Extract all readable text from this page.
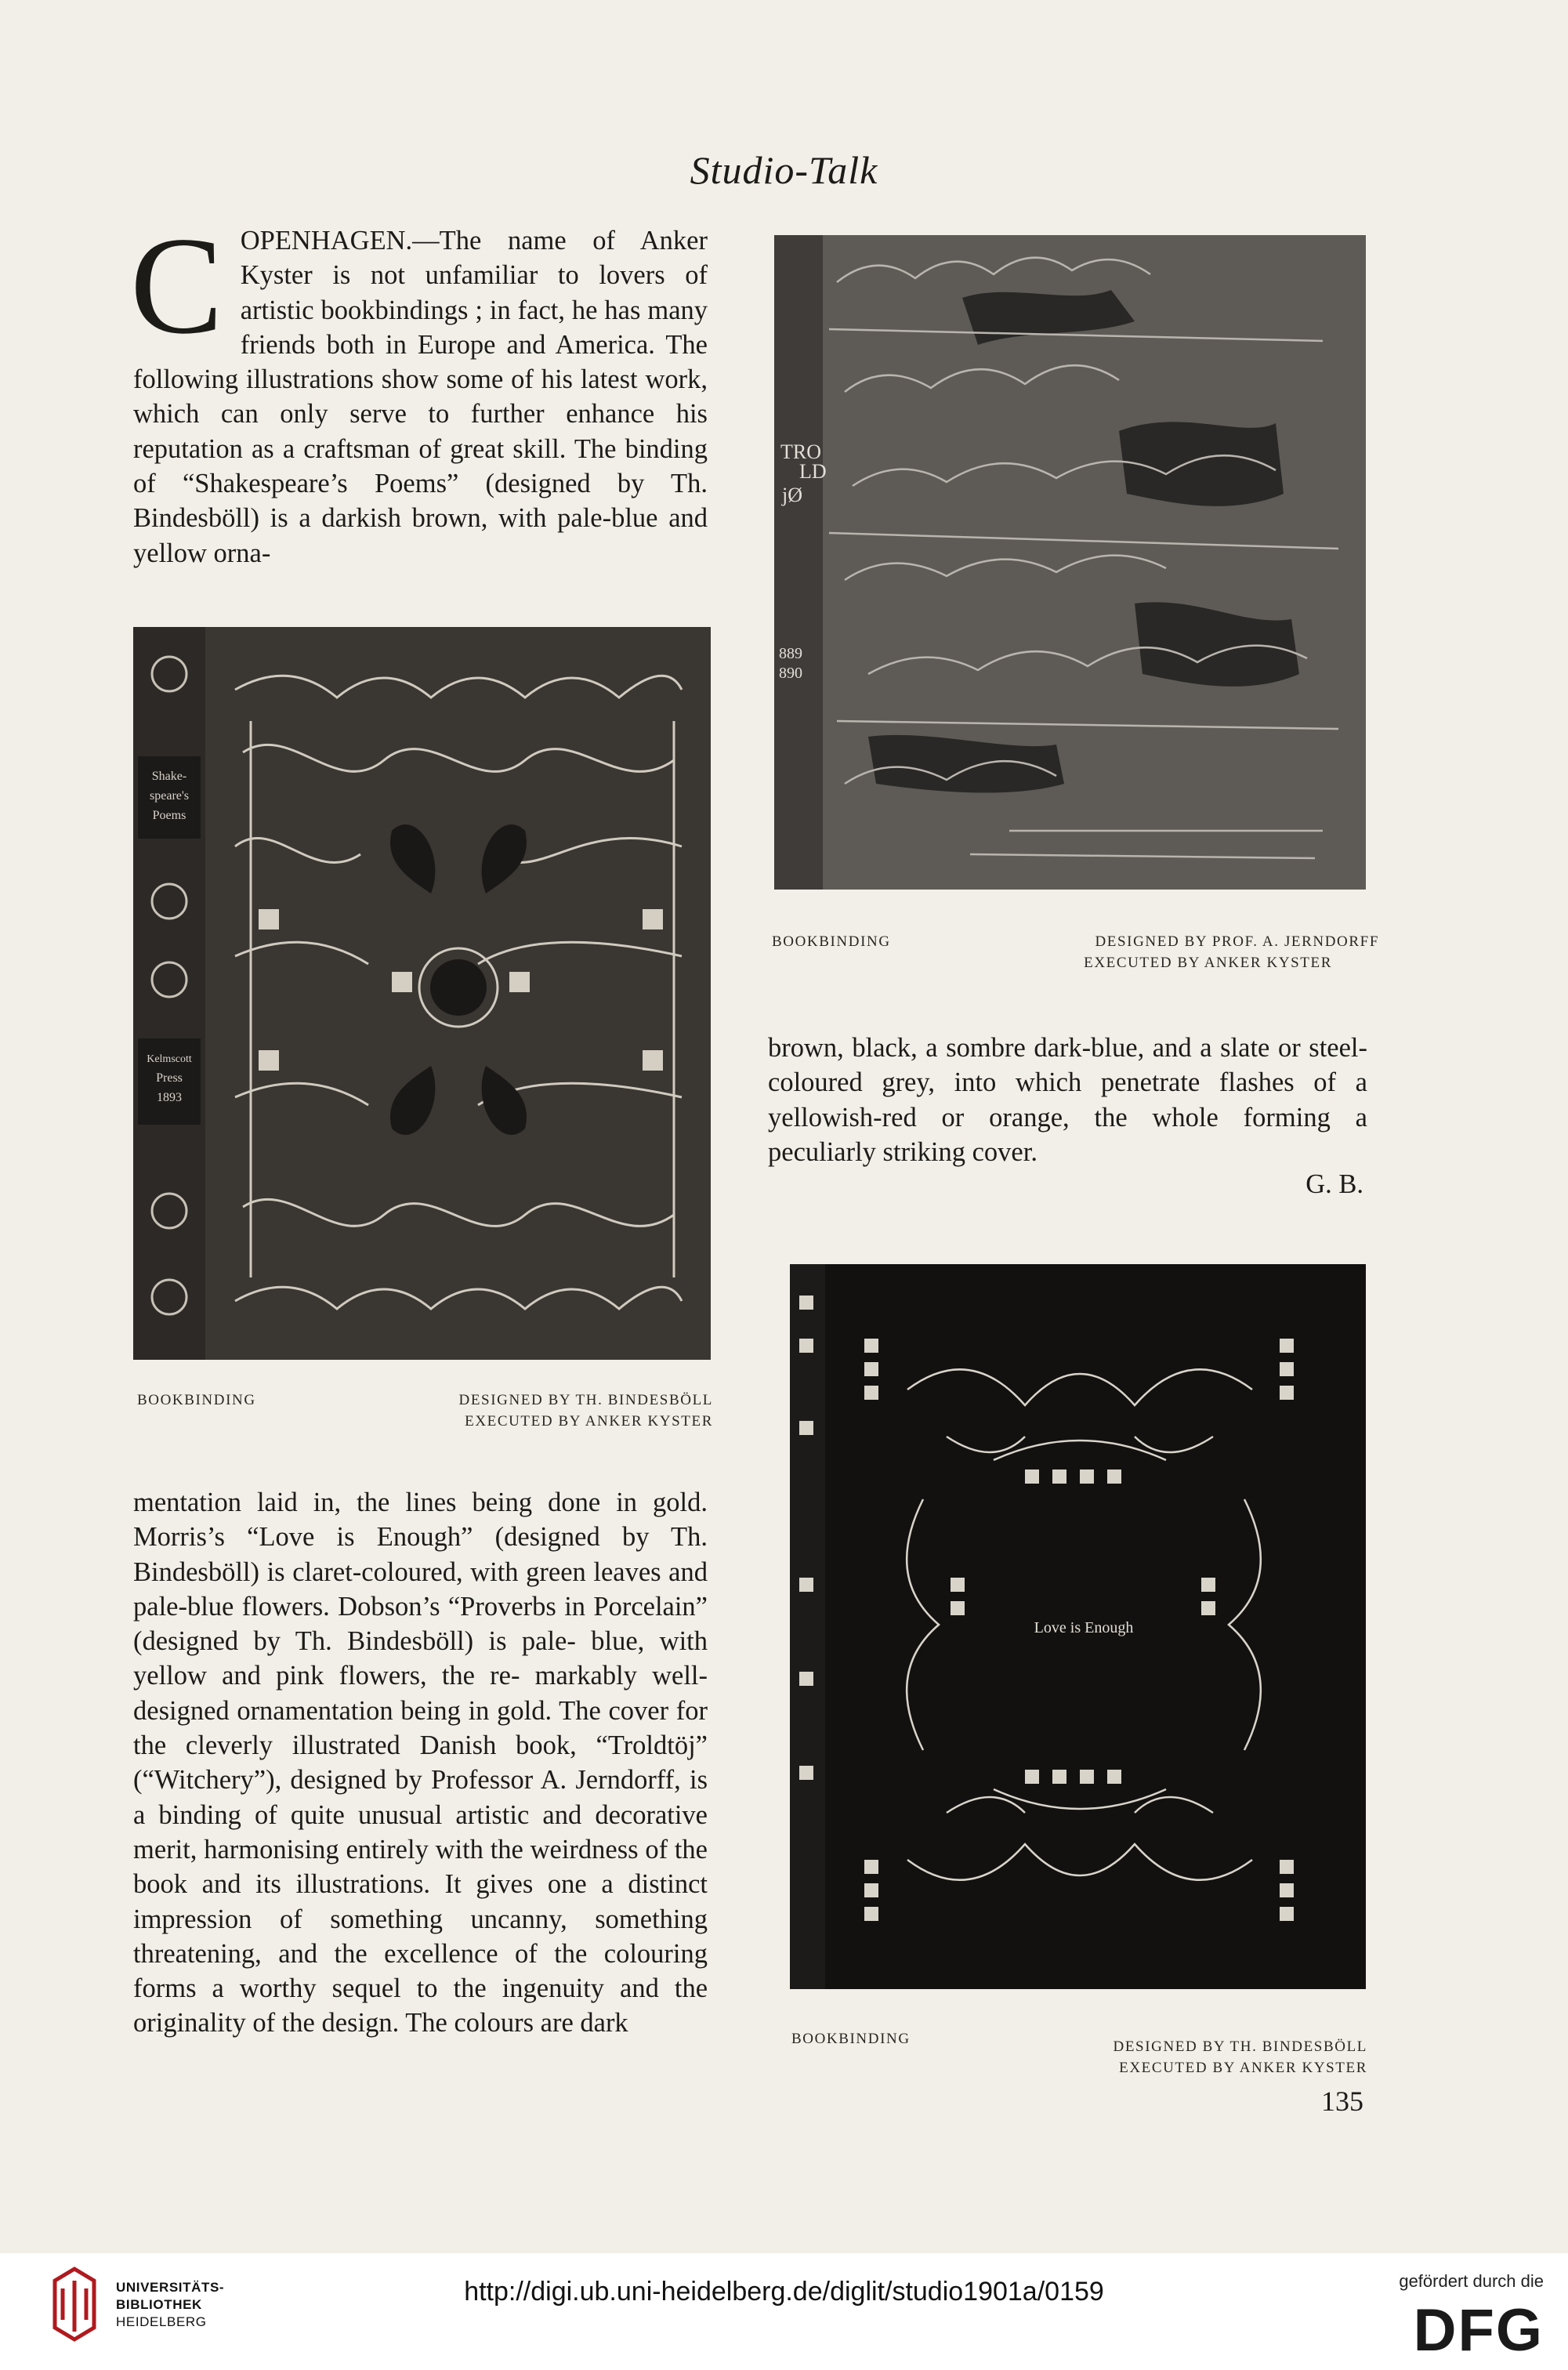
Studio-Talk
C OPENHAGEN.—The name of Anker Kyster is not unfamiliar to lovers of artistic bookbindings ; in fact, he has many friends both in Europe and America. The following illustrations show some of his latest work, which can only serve to further enhance his reputation as a craftsman of great skill. The binding of “Shakespeare’s Poems” (designed by Th. Bindesböll) is a darkish brown, with pale-blue and yellow orna-

TRO
LD
jØ
889
890
BOOKBINDING	DESIGNED BY PROF. A. JERNDORFF
EXECUTED BY ANKER KYSTER

brown, black, a sombre dark-blue, and a slate or steel-coloured grey, into which penetrate flashes of a yellowish-red or orange, the whole forming a peculiarly striking cover.

G. B.
Shake-
speare's
Poems
Kelmscott
Press
1893
BOOKBINDING	DESIGNED BY TH. BINDESBÖLL
EXECUTED BY ANKER KYSTER

mentation laid in, the lines being done in gold. Morris’s “Love is Enough” (designed by Th. Bindesböll) is claret-coloured, with green leaves and pale-blue flowers. Dobson’s “Proverbs in Porcelain” (designed by Th. Bindesböll) is pale- blue, with yellow and pink flowers, the re- markably well-designed ornamentation being in gold. The cover for the cleverly illustrated Danish book, “Troldtöj” (“Witchery”), designed by Professor A. Jerndorff, is a binding of quite unusual artistic and decorative merit, harmonising entirely with the weirdness of the book and its illustrations. It gives one a distinct impression of something uncanny, something threatening, and the excellence of the colouring forms a worthy sequel to the ingenuity and the originality of the design. The colours are dark

Love is Enough
BOOKBINDING	DESIGNED BY TH. BINDESBÖLL
EXECUTED BY ANKER KYSTER
135
UNIVERSITÄTS-
BIBLIOTHEK
HEIDELBERG
http://digi.ub.uni-heidelberg.de/diglit/studio1901a/0159	gefördert durch die
DFG
